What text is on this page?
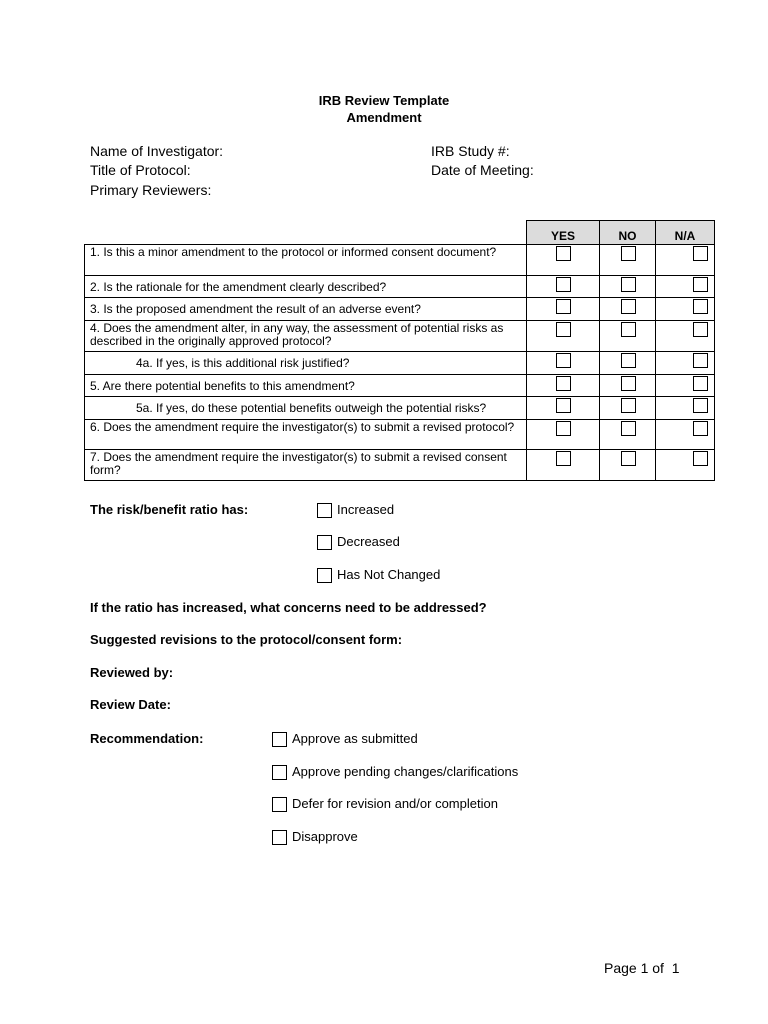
IRB Review Template
Amendment
Name of Investigator:	IRB Study #:
Title of Protocol:	Date of Meeting:
Primary Reviewers:
	YES	NO	N/A
1. Is this a minor amendment to the protocol or informed consent document?	

2. Is the rationale for the amendment clearly described?	

3. Is the proposed amendment the result of an adverse event?	

4. Does the amendment alter, in any way, the assessment of potential risks as described in the originally approved protocol?	

4a. If yes, is this additional risk justified?	

5. Are there potential benefits to this amendment?	

5a. If yes, do these potential benefits outweigh the potential risks?	

6. Does the amendment require the investigator(s) to submit a revised protocol?	

7. Does the amendment require the investigator(s) to submit a revised consent form?	

The risk/benefit ratio has:	Increased
Decreased
Has Not Changed
If the ratio has increased, what concerns need to be addressed?
Suggested revisions to the protocol/consent form:
Reviewed by:
Review Date:
Recommendation:	Approve as submitted
Approve pending changes/clarifications
Defer for revision and/or completion
Disapprove
Page 1 of  1
